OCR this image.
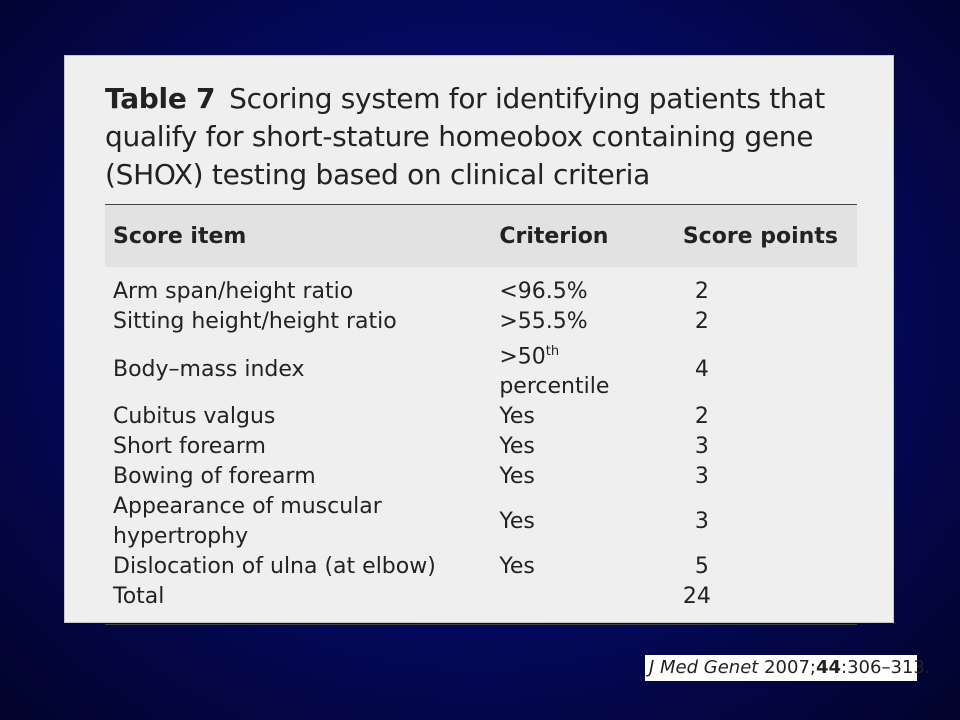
Table 7 Scoring system for identifying patients that qualify for short-stature homeobox containing gene (SHOX) testing based on clinical criteria
Score item	Criterion	Score points
Arm span/height ratio	<96.5%	2
Sitting height/height ratio	>55.5%	2
Body–mass index	>50th percentile	4
Cubitus valgus	Yes	2
Short forearm	Yes	3
Bowing of forearm	Yes	3
Appearance of muscular hypertrophy	Yes	3
Dislocation of ulna (at elbow)	Yes	5
Total		24
J Med Genet 2007;44:306–313.
